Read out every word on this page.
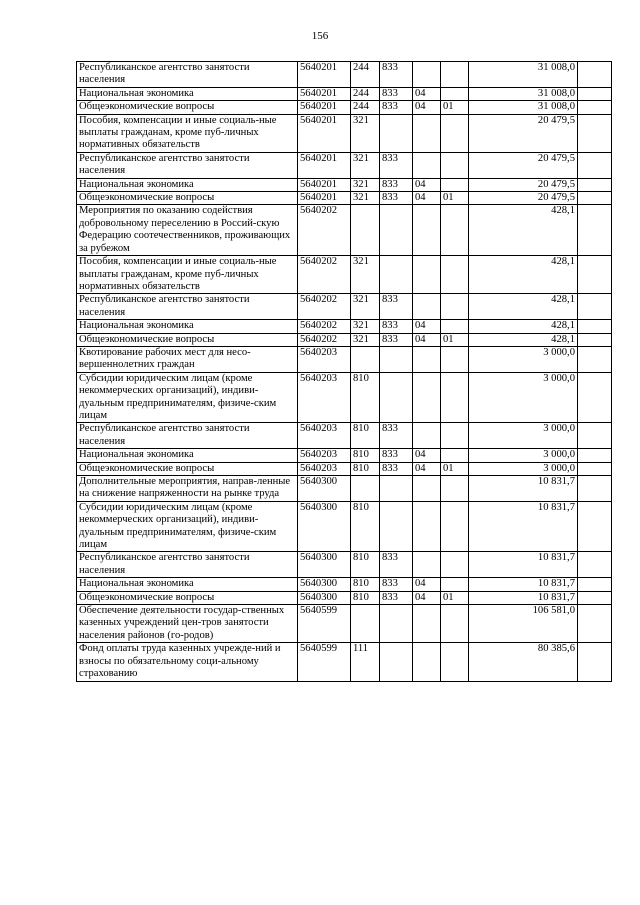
156
Республиканское агентство занятости населения	5640201	244	833			31 008,0	
Национальная экономика	5640201	244	833	04		31 008,0	
Общеэкономические вопросы	5640201	244	833	04	01	31 008,0	
Пособия, компенсации и иные социаль-ные выплаты гражданам, кроме пуб-личных нормативных обязательств	5640201	321				20 479,5	
Республиканское агентство занятости населения	5640201	321	833			20 479,5	
Национальная экономика	5640201	321	833	04		20 479,5	
Общеэкономические вопросы	5640201	321	833	04	01	20 479,5	
Мероприятия по оказанию содействия добровольному переселению в Россий-скую Федерацию соотечественников, проживающих за рубежом	5640202					428,1	
Пособия, компенсации и иные социаль-ные выплаты гражданам, кроме пуб-личных нормативных обязательств	5640202	321				428,1	
Республиканское агентство занятости населения	5640202	321	833			428,1	
Национальная экономика	5640202	321	833	04		428,1	
Общеэкономические вопросы	5640202	321	833	04	01	428,1	
Квотирование рабочих мест для несо-вершеннолетних граждан	5640203					3 000,0	
Субсидии юридическим лицам (кроме некоммерческих организаций), индиви-дуальным предпринимателям, физиче-ским лицам	5640203	810				3 000,0	
Республиканское агентство занятости населения	5640203	810	833			3 000,0	
Национальная экономика	5640203	810	833	04		3 000,0	
Общеэкономические вопросы	5640203	810	833	04	01	3 000,0	
Дополнительные мероприятия, направ-ленные на снижение напряженности на рынке труда	5640300					10 831,7	
Субсидии юридическим лицам (кроме некоммерческих организаций), индиви-дуальным предпринимателям, физиче-ским лицам	5640300	810				10 831,7	
Республиканское агентство занятости населения	5640300	810	833			10 831,7	
Национальная экономика	5640300	810	833	04		10 831,7	
Общеэкономические вопросы	5640300	810	833	04	01	10 831,7	
Обеспечение деятельности государ-ственных казенных учреждений цен-тров занятости населения районов (го-родов)	5640599					106 581,0	
Фонд оплаты труда казенных учрежде-ний и взносы по обязательному соци-альному страхованию	5640599	111				80 385,6	
